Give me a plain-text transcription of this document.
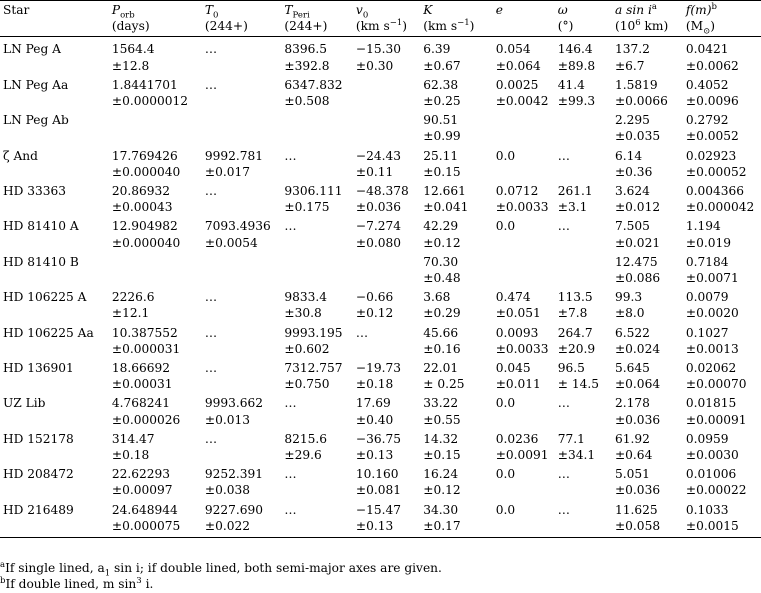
Star	$P_{orb}$	$T_0$	$T_{Peri}$	$v_0$	K	e	ω	a $\sin i^a$	$f(m)^b$
	(days)	(244+)	(244+)	(km $s^{-1}$)	(km $s^{-1}$)		(°)	($10^6$ km)	$(M_⊙)$
LN Peg A	1564.4	…	8396.5	−15.30	6.39	0.054	146.4	137.2	0.0421
	±12.8		±392.8	±0.30	±0.67	±0.064	±89.8	±6.7	±0.0062
LN Peg Aa	1.8441701	…	6347.832		62.38	0.0025	41.4	1.5819	0.4052
	±0.0000012		±0.508		±0.25	±0.0042	±99.3	±0.0066	±0.0096
LN Peg Ab					90.51			2.295	0.2792
					±0.99			±0.035	±0.0052
ζ And	17.769426	9992.781	…	−24.43	25.11	0.0	…	6.14	0.02923
	±0.000040	±0.017		±0.11	±0.15			±0.36	±0.00052
HD 33363	20.86932	…	9306.111	−48.378	12.661	0.0712	261.1	3.624	0.004366
	±0.00043		±0.175	±0.036	±0.041	±0.0033	±3.1	±0.012	±0.000042
HD 81410 A	12.904982	7093.4936	…	−7.274	42.29	0.0	…	7.505	1.194
	±0.000040	±0.0054		±0.080	±0.12			±0.021	±0.019
HD 81410 B					70.30			12.475	0.7184
					±0.48			±0.086	±0.0071
HD 106225 A	2226.6	…	9833.4	−0.66	3.68	0.474	113.5	99.3	0.0079
	±12.1		±30.8	±0.12	±0.29	±0.051	±7.8	±8.0	±0.0020
HD 106225 Aa	10.387552	…	9993.195	…	45.66	0.0093	264.7	6.522	0.1027
	±0.000031		±0.602		±0.16	±0.0033	±20.9	±0.024	±0.0013
HD 136901	18.66692	…	7312.757	−19.73	22.01	0.045	96.5	5.645	0.02062
	±0.00031		±0.750	±0.18	± 0.25	±0.011	± 14.5	±0.064	±0.00070
UZ Lib	4.768241	9993.662	…	17.69	33.22	0.0	…	2.178	0.01815
	±0.000026	±0.013		±0.40	±0.55			±0.036	±0.00091
HD 152178	314.47	…	8215.6	−36.75	14.32	0.0236	77.1	61.92	0.0959
	±0.18		±29.6	±0.13	±0.15	±0.0091	±34.1	±0.64	±0.0030
HD 208472	22.62293	9252.391	…	10.160	16.24	0.0	…	5.051	0.01006
	±0.00097	±0.038		±0.081	±0.12			±0.036	±0.00022
HD 216489	24.648944	9227.690	…	−15.47	34.30	0.0	…	11.625	0.1033
	±0.000075	±0.022		±0.13	±0.17			±0.058	±0.0015
$^a$If single lined, $a_1$ sin i; if double lined, both semi-major axes are given.
$^b$If double lined, m $\sin^3 i$.
